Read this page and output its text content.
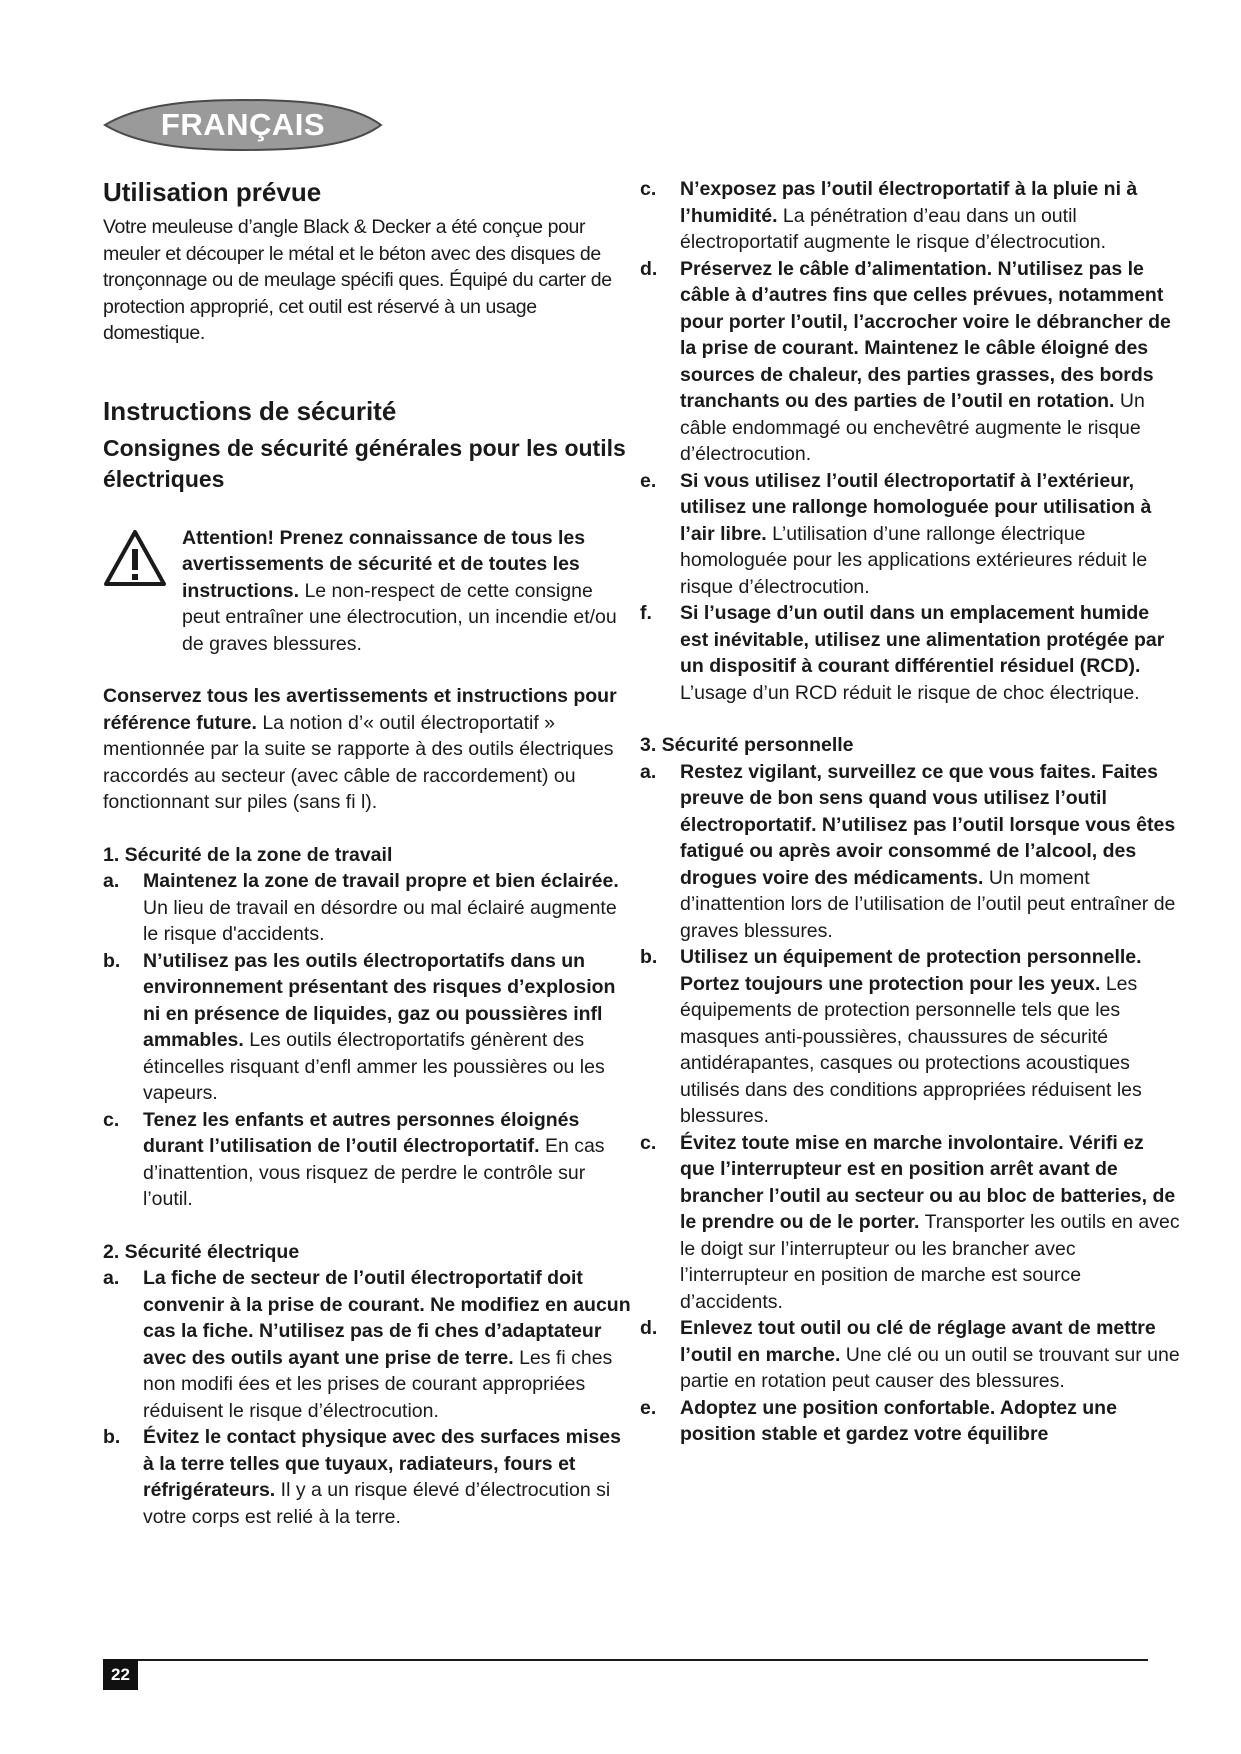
FRANÇAIS
Utilisation prévue

Votre meuleuse d’angle Black & Decker a été conçue pour meuler et découper le métal et le béton avec des disques de tronçonnage ou de meulage spécifi ques. Équipé du carter de protection approprié, cet outil est réservé à un usage domestique.

Instructions de sécurité
Consignes de sécurité générales pour les outils électriques

Attention! Prenez connaissance de tous les avertissements de sécurité et de toutes les instructions. Le non-respect de cette consigne peut entraîner une électrocution, un incendie et/ou de graves blessures.

Conservez tous les avertissements et instructions pour référence future. La notion d’« outil électroportatif » mentionnée par la suite se rapporte à des outils électriques raccordés au secteur (avec câble de raccordement) ou fonctionnant sur piles (sans fi l).

1. Sécurité de la zone de travail
a.	Maintenez la zone de travail propre et bien éclairée. Un lieu de travail en désordre ou mal éclairé augmente le risque d'accidents.
b.	N’utilisez pas les outils électroportatifs dans un environnement présentant des risques d’explosion ni en présence de liquides, gaz ou poussières infl ammables. Les outils électroportatifs génèrent des étincelles risquant d’enfl ammer les poussières ou les vapeurs.
c.	Tenez les enfants et autres personnes éloignés durant l’utilisation de l’outil électroportatif. En cas d’inattention, vous risquez de perdre le contrôle sur l’outil.
2. Sécurité électrique
a.	La fiche de secteur de l’outil électroportatif doit convenir à la prise de courant. Ne modifiez en aucun cas la fiche. N’utilisez pas de fi ches d’adaptateur avec des outils ayant une prise de terre. Les fi ches non modifi ées et les prises de courant appropriées réduisent le risque d’électrocution.
b.	Évitez le contact physique avec des surfaces mises à la terre telles que tuyaux, radiateurs, fours et réfrigérateurs. Il y a un risque élevé d’électrocution si votre corps est relié à la terre.
c.	N’exposez pas l’outil électroportatif à la pluie ni à l’humidité. La pénétration d’eau dans un outil électroportatif augmente le risque d’électrocution.
d.	Préservez le câble d’alimentation. N’utilisez pas le câble à d’autres fins que celles prévues, notamment pour porter l’outil, l’accrocher voire le débrancher de la prise de courant. Maintenez le câble éloigné des sources de chaleur, des parties grasses, des bords tranchants ou des parties de l’outil en rotation. Un câble endommagé ou enchevêtré augmente le risque d’électrocution.
e.	Si vous utilisez l’outil électroportatif à l’extérieur, utilisez une rallonge homologuée pour utilisation à l’air libre. L’utilisation d’une rallonge électrique homologuée pour les applications extérieures réduit le risque d’électrocution.
f.	Si l’usage d’un outil dans un emplacement humide est inévitable, utilisez une alimentation protégée par un dispositif à courant différentiel résiduel (RCD). L’usage d’un RCD réduit le risque de choc électrique.
3. Sécurité personnelle
a.	Restez vigilant, surveillez ce que vous faites. Faites preuve de bon sens quand vous utilisez l’outil électroportatif. N’utilisez pas l’outil lorsque vous êtes fatigué ou après avoir consommé de l’alcool, des drogues voire des médicaments. Un moment d’inattention lors de l’utilisation de l’outil peut entraîner de graves blessures.
b.	Utilisez un équipement de protection personnelle. Portez toujours une protection pour les yeux. Les équipements de protection personnelle tels que les masques anti-poussières, chaussures de sécurité antidérapantes, casques ou protections acoustiques utilisés dans des conditions appropriées réduisent les blessures.
c.	Évitez toute mise en marche involontaire. Vérifi ez que l’interrupteur est en position arrêt avant de brancher l’outil au secteur ou au bloc de batteries, de le prendre ou de le porter. Transporter les outils en avec le doigt sur l’interrupteur ou les brancher avec l’interrupteur en position de marche est source d’accidents.
d.	Enlevez tout outil ou clé de réglage avant de mettre l’outil en marche. Une clé ou un outil se trouvant sur une partie en rotation peut causer des blessures.
e.	Adoptez une position confortable. Adoptez une position stable et gardez votre équilibre
22
